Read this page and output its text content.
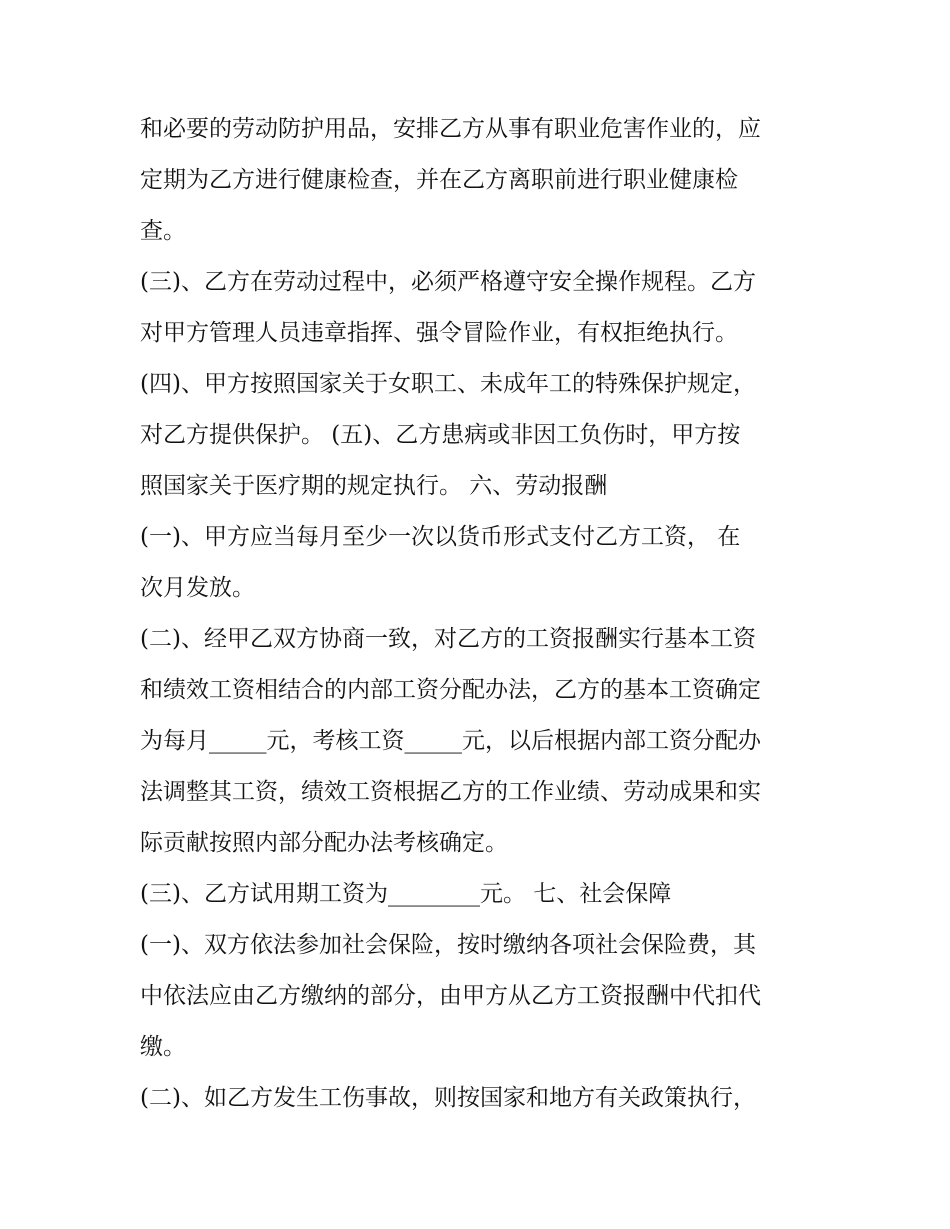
和必要的劳动防护用品，安排乙方从事有职业危害作业的，应
定期为乙方进行健康检查，并在乙方离职前进行职业健康检
查。
(三)、乙方在劳动过程中，必须严格遵守安全操作规程。乙方
对甲方管理人员违章指挥、强令冒险作业，有权拒绝执行。
(四)、甲方按照国家关于女职工、未成年工的特殊保护规定，
对乙方提供保护。 (五)、乙方患病或非因工负伤时，甲方按
照国家关于医疗期的规定执行。 六、劳动报酬
(一)、甲方应当每月至少一次以货币形式支付乙方工资， 在
次月发放。
(二)、经甲乙双方协商一致，对乙方的工资报酬实行基本工资
和绩效工资相结合的内部工资分配办法，乙方的基本工资确定
为每月_____元，考核工资_____元，以后根据内部工资分配办
法调整其工资，绩效工资根据乙方的工作业绩、劳动成果和实
际贡献按照内部分配办法考核确定。
(三)、乙方试用期工资为________元。 七、社会保障
(一)、双方依法参加社会保险，按时缴纳各项社会保险费，其
中依法应由乙方缴纳的部分，由甲方从乙方工资报酬中代扣代
缴。
(二)、如乙方发生工伤事故，则按国家和地方有关政策执行，
